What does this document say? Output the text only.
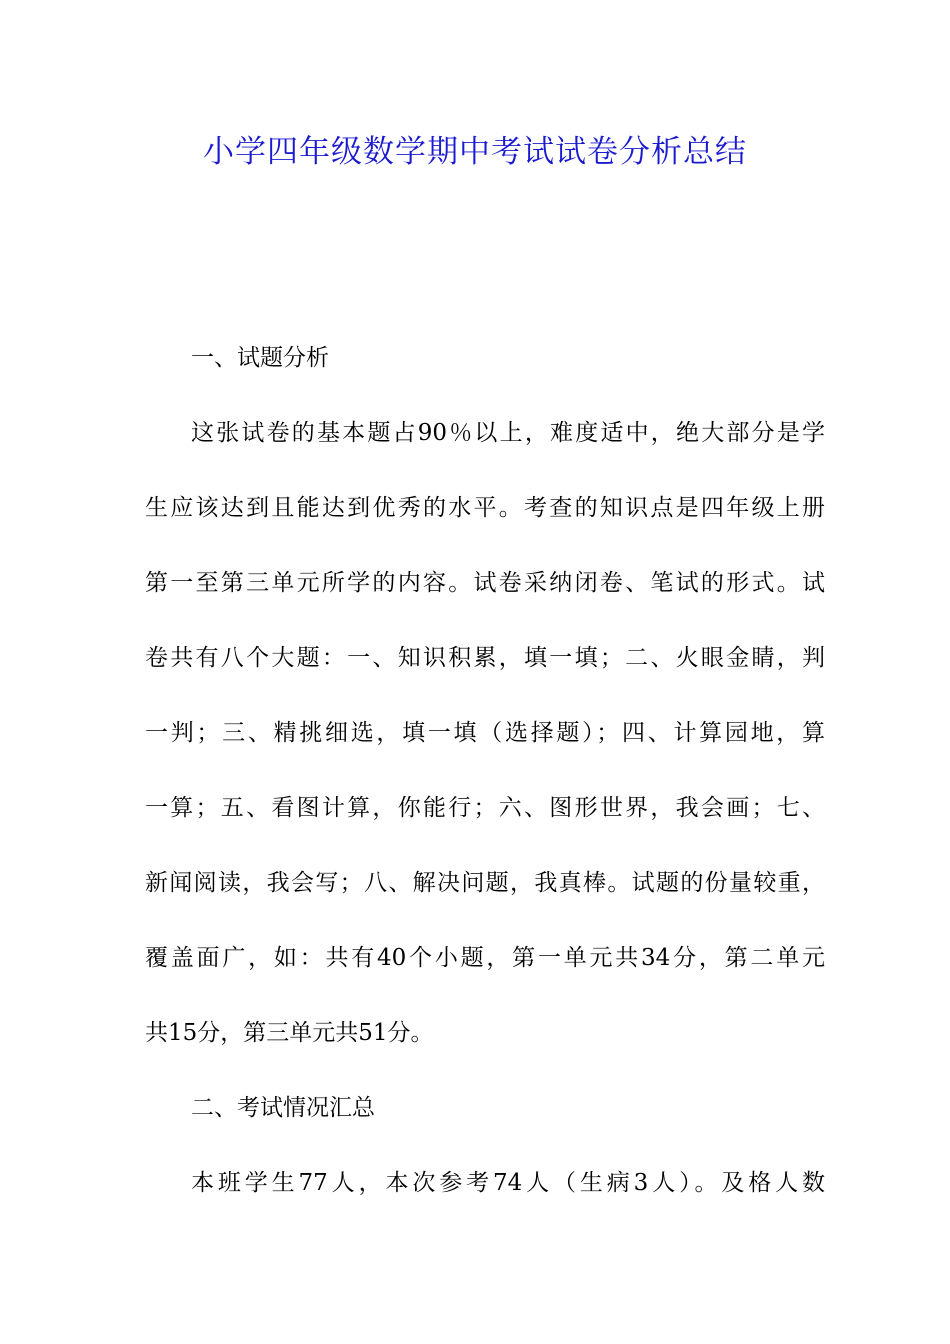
小学四年级数学期中考试试卷分析总结
一、试题分析
这张试卷的基本题占90％以上，难度适中，绝大部分是学
生应该达到且能达到优秀的水平。考查的知识点是四年级上册
第一至第三单元所学的内容。试卷采纳闭卷、笔试的形式。试
卷共有八个大题：一、知识积累，填一填；二、火眼金睛，判
一判；三、精挑细选，填一填（选择题）；四、计算园地，算
一算；五、看图计算，你能行；六、图形世界，我会画；七、
新闻阅读，我会写；八、解决问题，我真棒。试题的份量较重，
覆盖面广，如：共有40个小题，第一单元共34分，第二单元
共15分，第三单元共51分。
二、考试情况汇总
本班学生77人，本次参考74人（生病3人）。及格人数
